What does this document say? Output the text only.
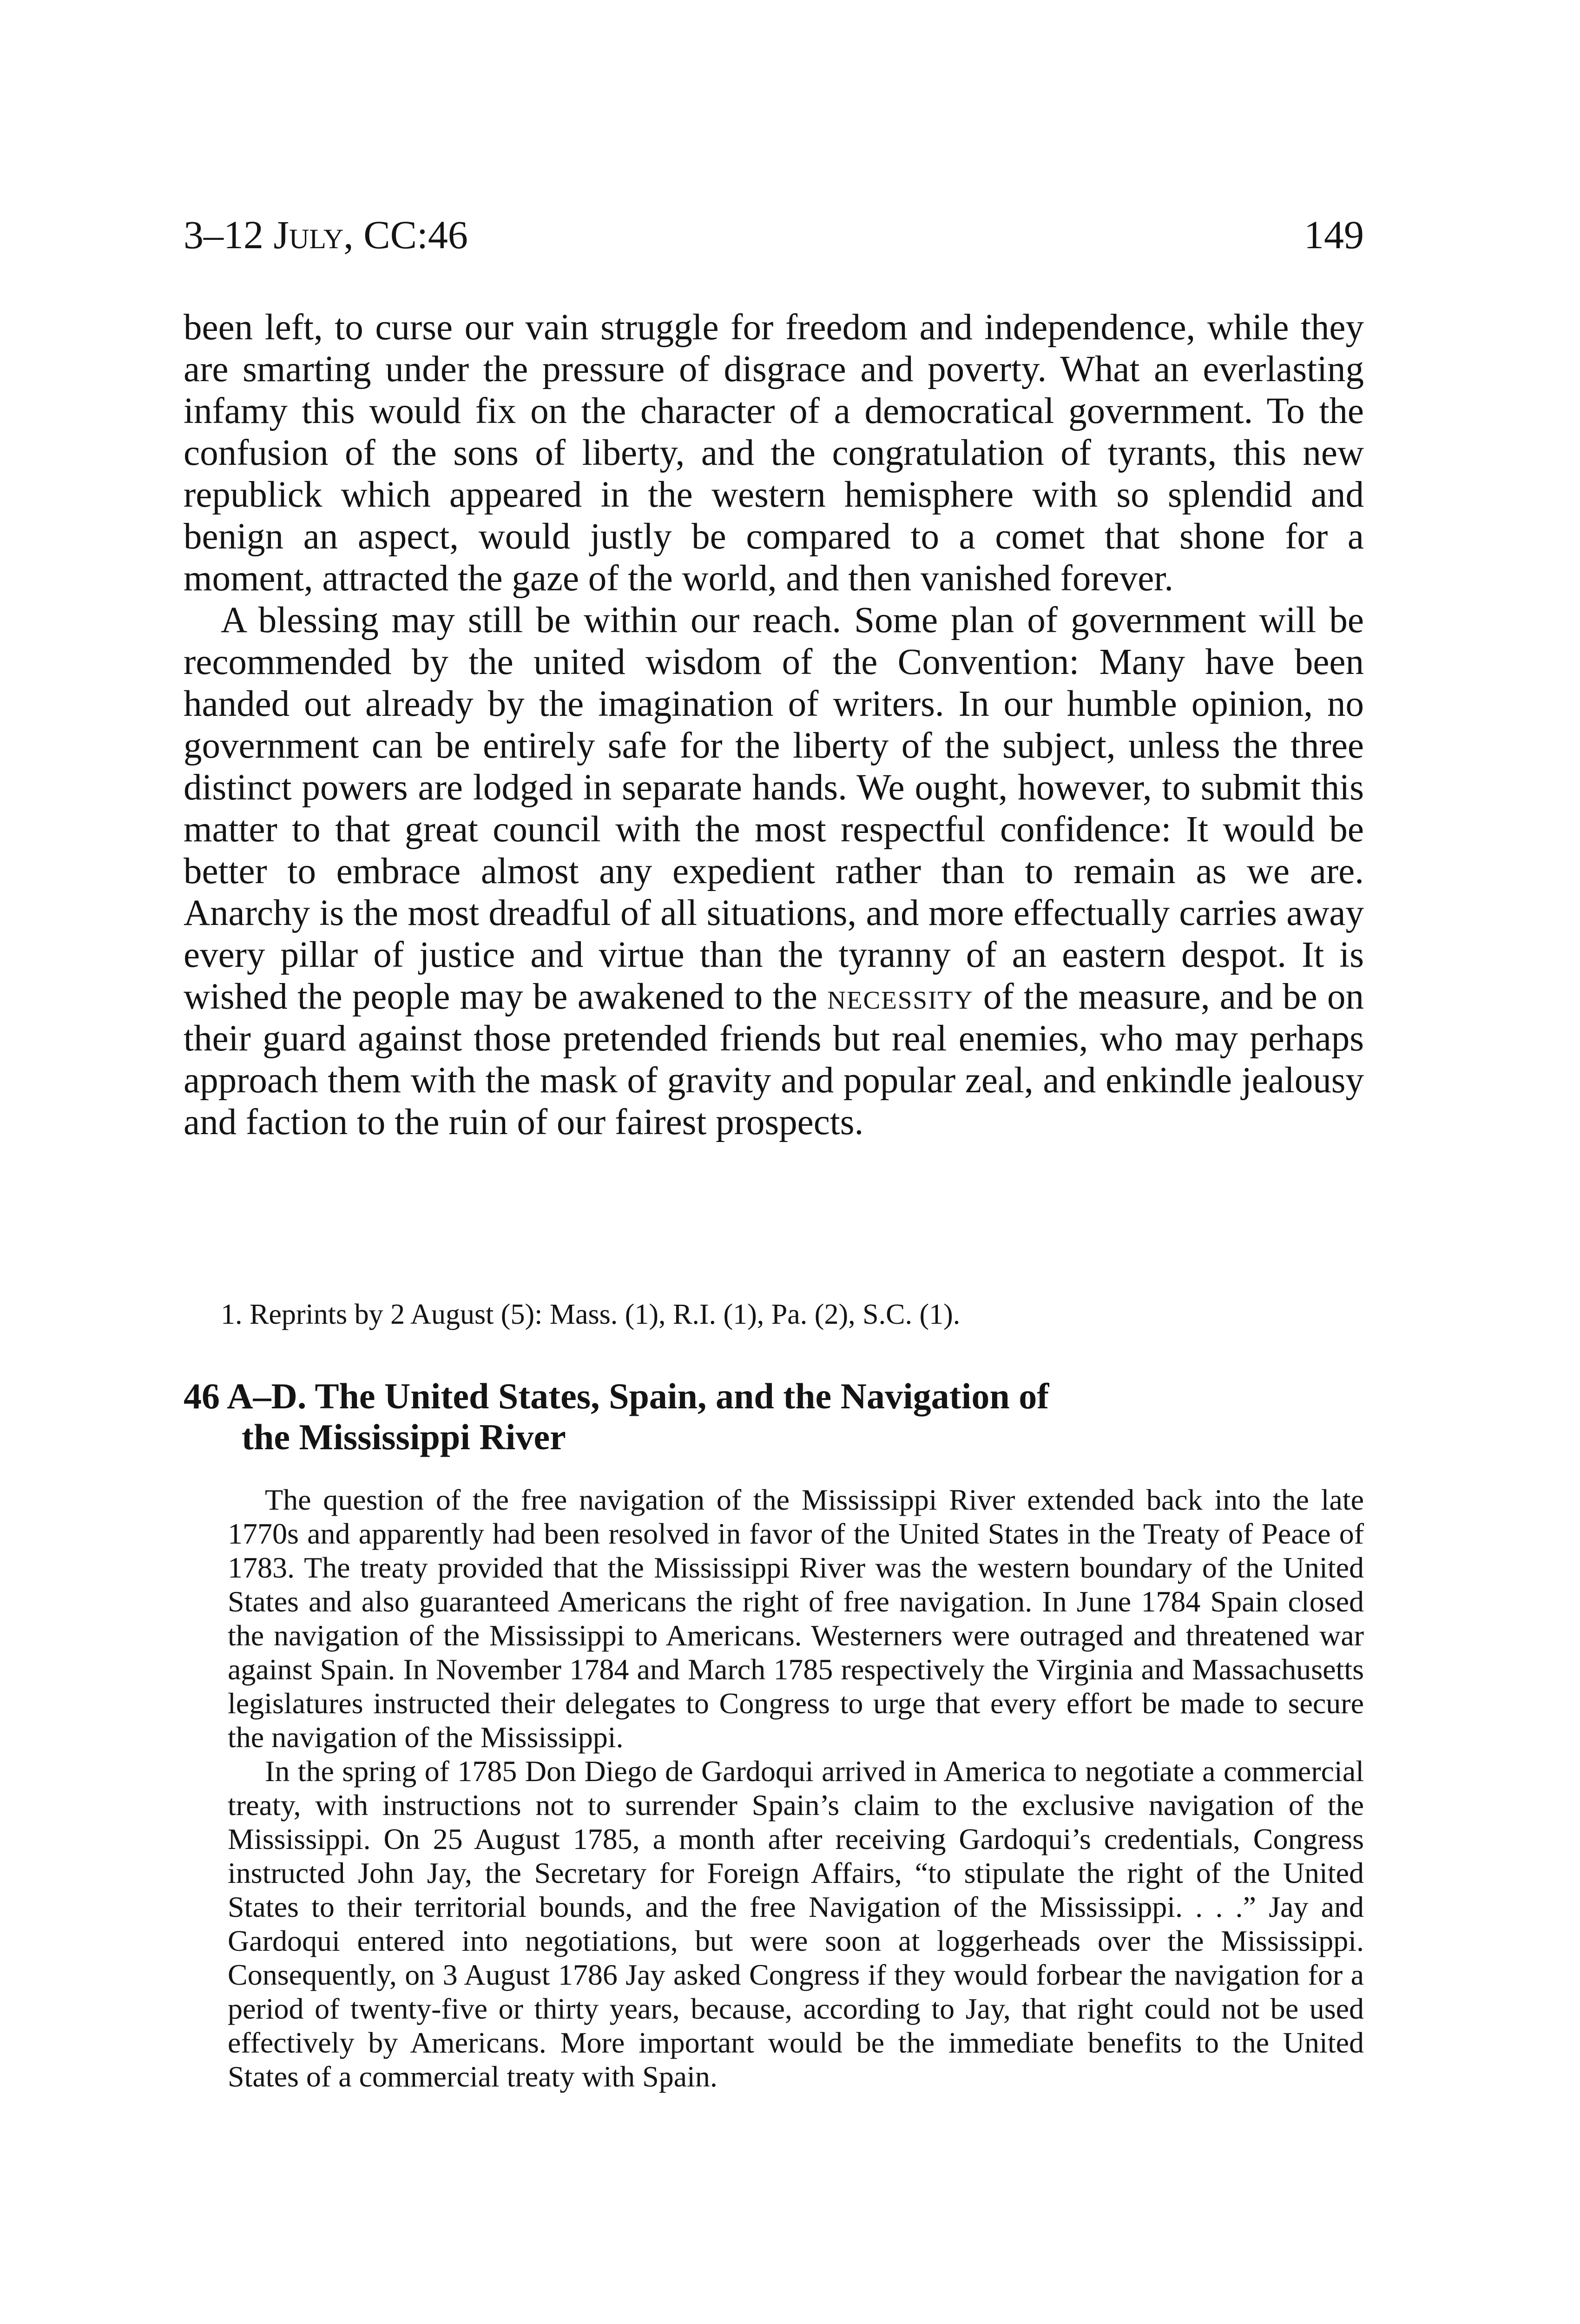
3–12 July, CC:46	149

been left, to curse our vain struggle for freedom and independence, while they are smarting under the pressure of disgrace and poverty. What an everlasting infamy this would fix on the character of a democratical government. To the confusion of the sons of liberty, and the congratulation of tyrants, this new republick which appeared in the western hemisphere with so splendid and benign an aspect, would justly be compared to a comet that shone for a moment, attracted the gaze of the world, and then vanished forever.

A blessing may still be within our reach. Some plan of government will be recommended by the united wisdom of the Convention: Many have been handed out already by the imagination of writers. In our humble opinion, no government can be entirely safe for the liberty of the subject, unless the three distinct powers are lodged in separate hands. We ought, however, to submit this matter to that great council with the most respectful confidence: It would be better to embrace almost any expedient rather than to remain as we are. Anarchy is the most dreadful of all situations, and more effectually carries away every pillar of justice and virtue than the tyranny of an eastern despot. It is wished the people may be awakened to the necessity of the measure, and be on their guard against those pretended friends but real enemies, who may perhaps approach them with the mask of gravity and popular zeal, and enkindle jealousy and faction to the ruin of our fairest prospects.

1. Reprints by 2 August (5): Mass. (1), R.I. (1), Pa. (2), S.C. (1).
46 A–D. The United States, Spain, and the Navigation of
the Mississippi River

The question of the free navigation of the Mississippi River extended back into the late 1770s and apparently had been resolved in favor of the United States in the Treaty of Peace of 1783. The treaty provided that the Mississippi River was the western boundary of the United States and also guaranteed Americans the right of free navigation. In June 1784 Spain closed the navigation of the Mississippi to Americans. Westerners were outraged and threatened war against Spain. In November 1784 and March 1785 respectively the Virginia and Massachusetts legislatures instructed their delegates to Congress to urge that every effort be made to secure the navigation of the Mississippi.

In the spring of 1785 Don Diego de Gardoqui arrived in America to negotiate a commercial treaty, with instructions not to surrender Spain’s claim to the exclusive navigation of the Mississippi. On 25 August 1785, a month after receiving Gardoqui’s credentials, Congress instructed John Jay, the Secretary for Foreign Affairs, “to stipulate the right of the United States to their territorial bounds, and the free Navigation of the Mississippi. . . .” Jay and Gardoqui entered into negotiations, but were soon at loggerheads over the Mississippi. Consequently, on 3 August 1786 Jay asked Congress if they would forbear the navigation for a period of twenty-five or thirty years, because, according to Jay, that right could not be used effectively by Americans. More important would be the immediate benefits to the United States of a commercial treaty with Spain.
